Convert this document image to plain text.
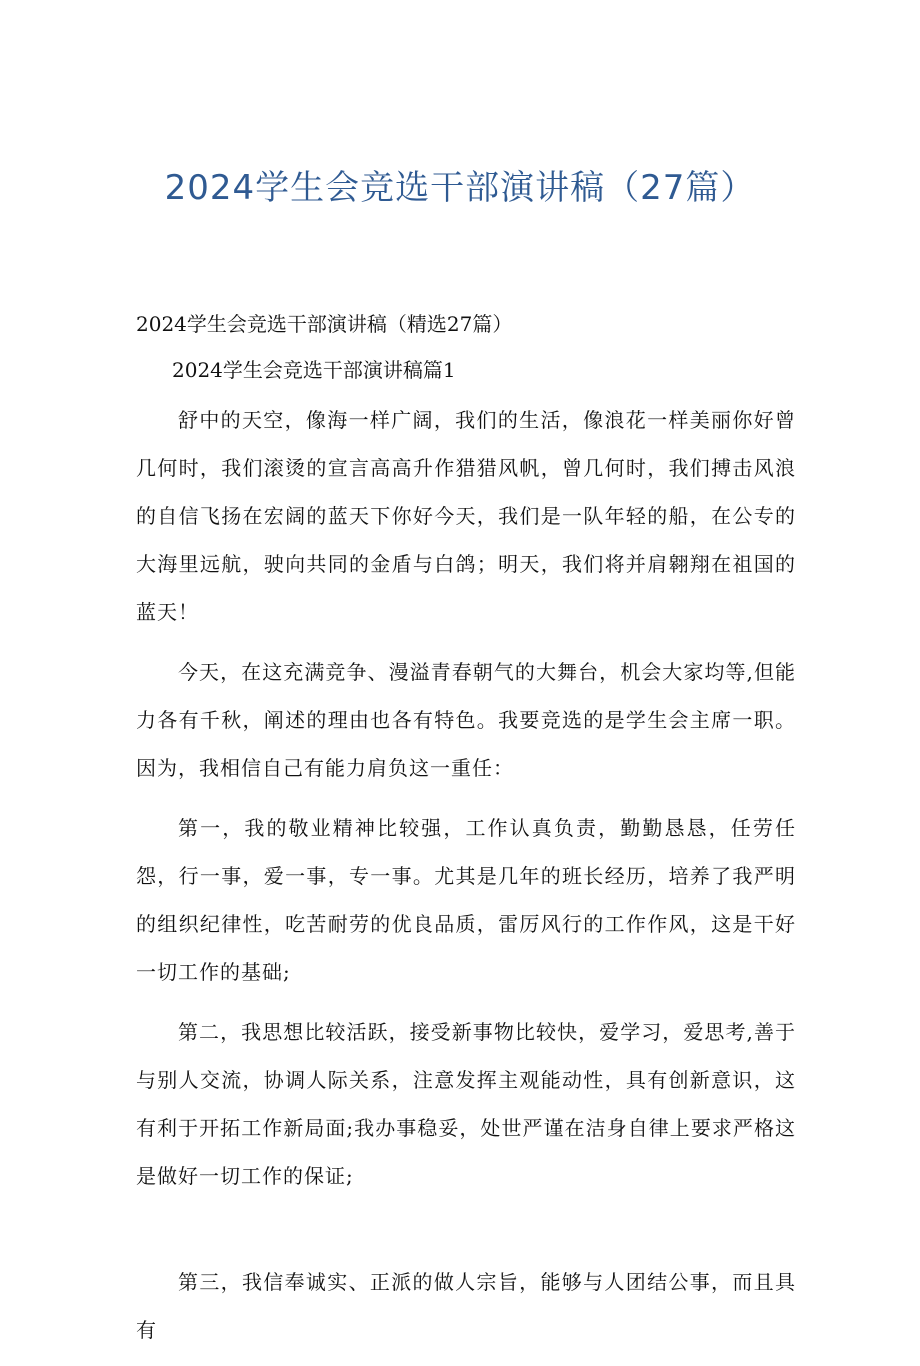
2024学生会竞选干部演讲稿（27篇）

2024学生会竞选干部演讲稿（精选27篇）

2024学生会竞选干部演讲稿篇1

舒中的天空，像海一样广阔，我们的生活，像浪花一样美丽你好曾几何时，我们滚烫的宣言高高升作猎猎风帆，曾几何时，我们搏击风浪的自信飞扬在宏阔的蓝天下你好今天，我们是一队年轻的船，在公专的大海里远航，驶向共同的金盾与白鸽；明天，我们将并肩翱翔在祖国的蓝天！

今天，在这充满竞争、漫溢青春朝气的大舞台，机会大家均等,但能力各有千秋，阐述的理由也各有特色。我要竞选的是学生会主席一职。因为，我相信自己有能力肩负这一重任：

第一，我的敬业精神比较强，工作认真负责，勤勤恳恳，任劳任怨，行一事，爱一事，专一事。尤其是几年的班长经历，培养了我严明的组织纪律性，吃苦耐劳的优良品质，雷厉风行的工作作风，这是干好一切工作的基础;

第二，我思想比较活跃，接受新事物比较快，爱学习，爱思考,善于与别人交流，协调人际关系，注意发挥主观能动性，具有创新意识，这有利于开拓工作新局面;我办事稳妥，处世严谨在洁身自律上要求严格这是做好一切工作的保证;

第三，我信奉诚实、正派的做人宗旨，能够与人团结公事，而且具有
